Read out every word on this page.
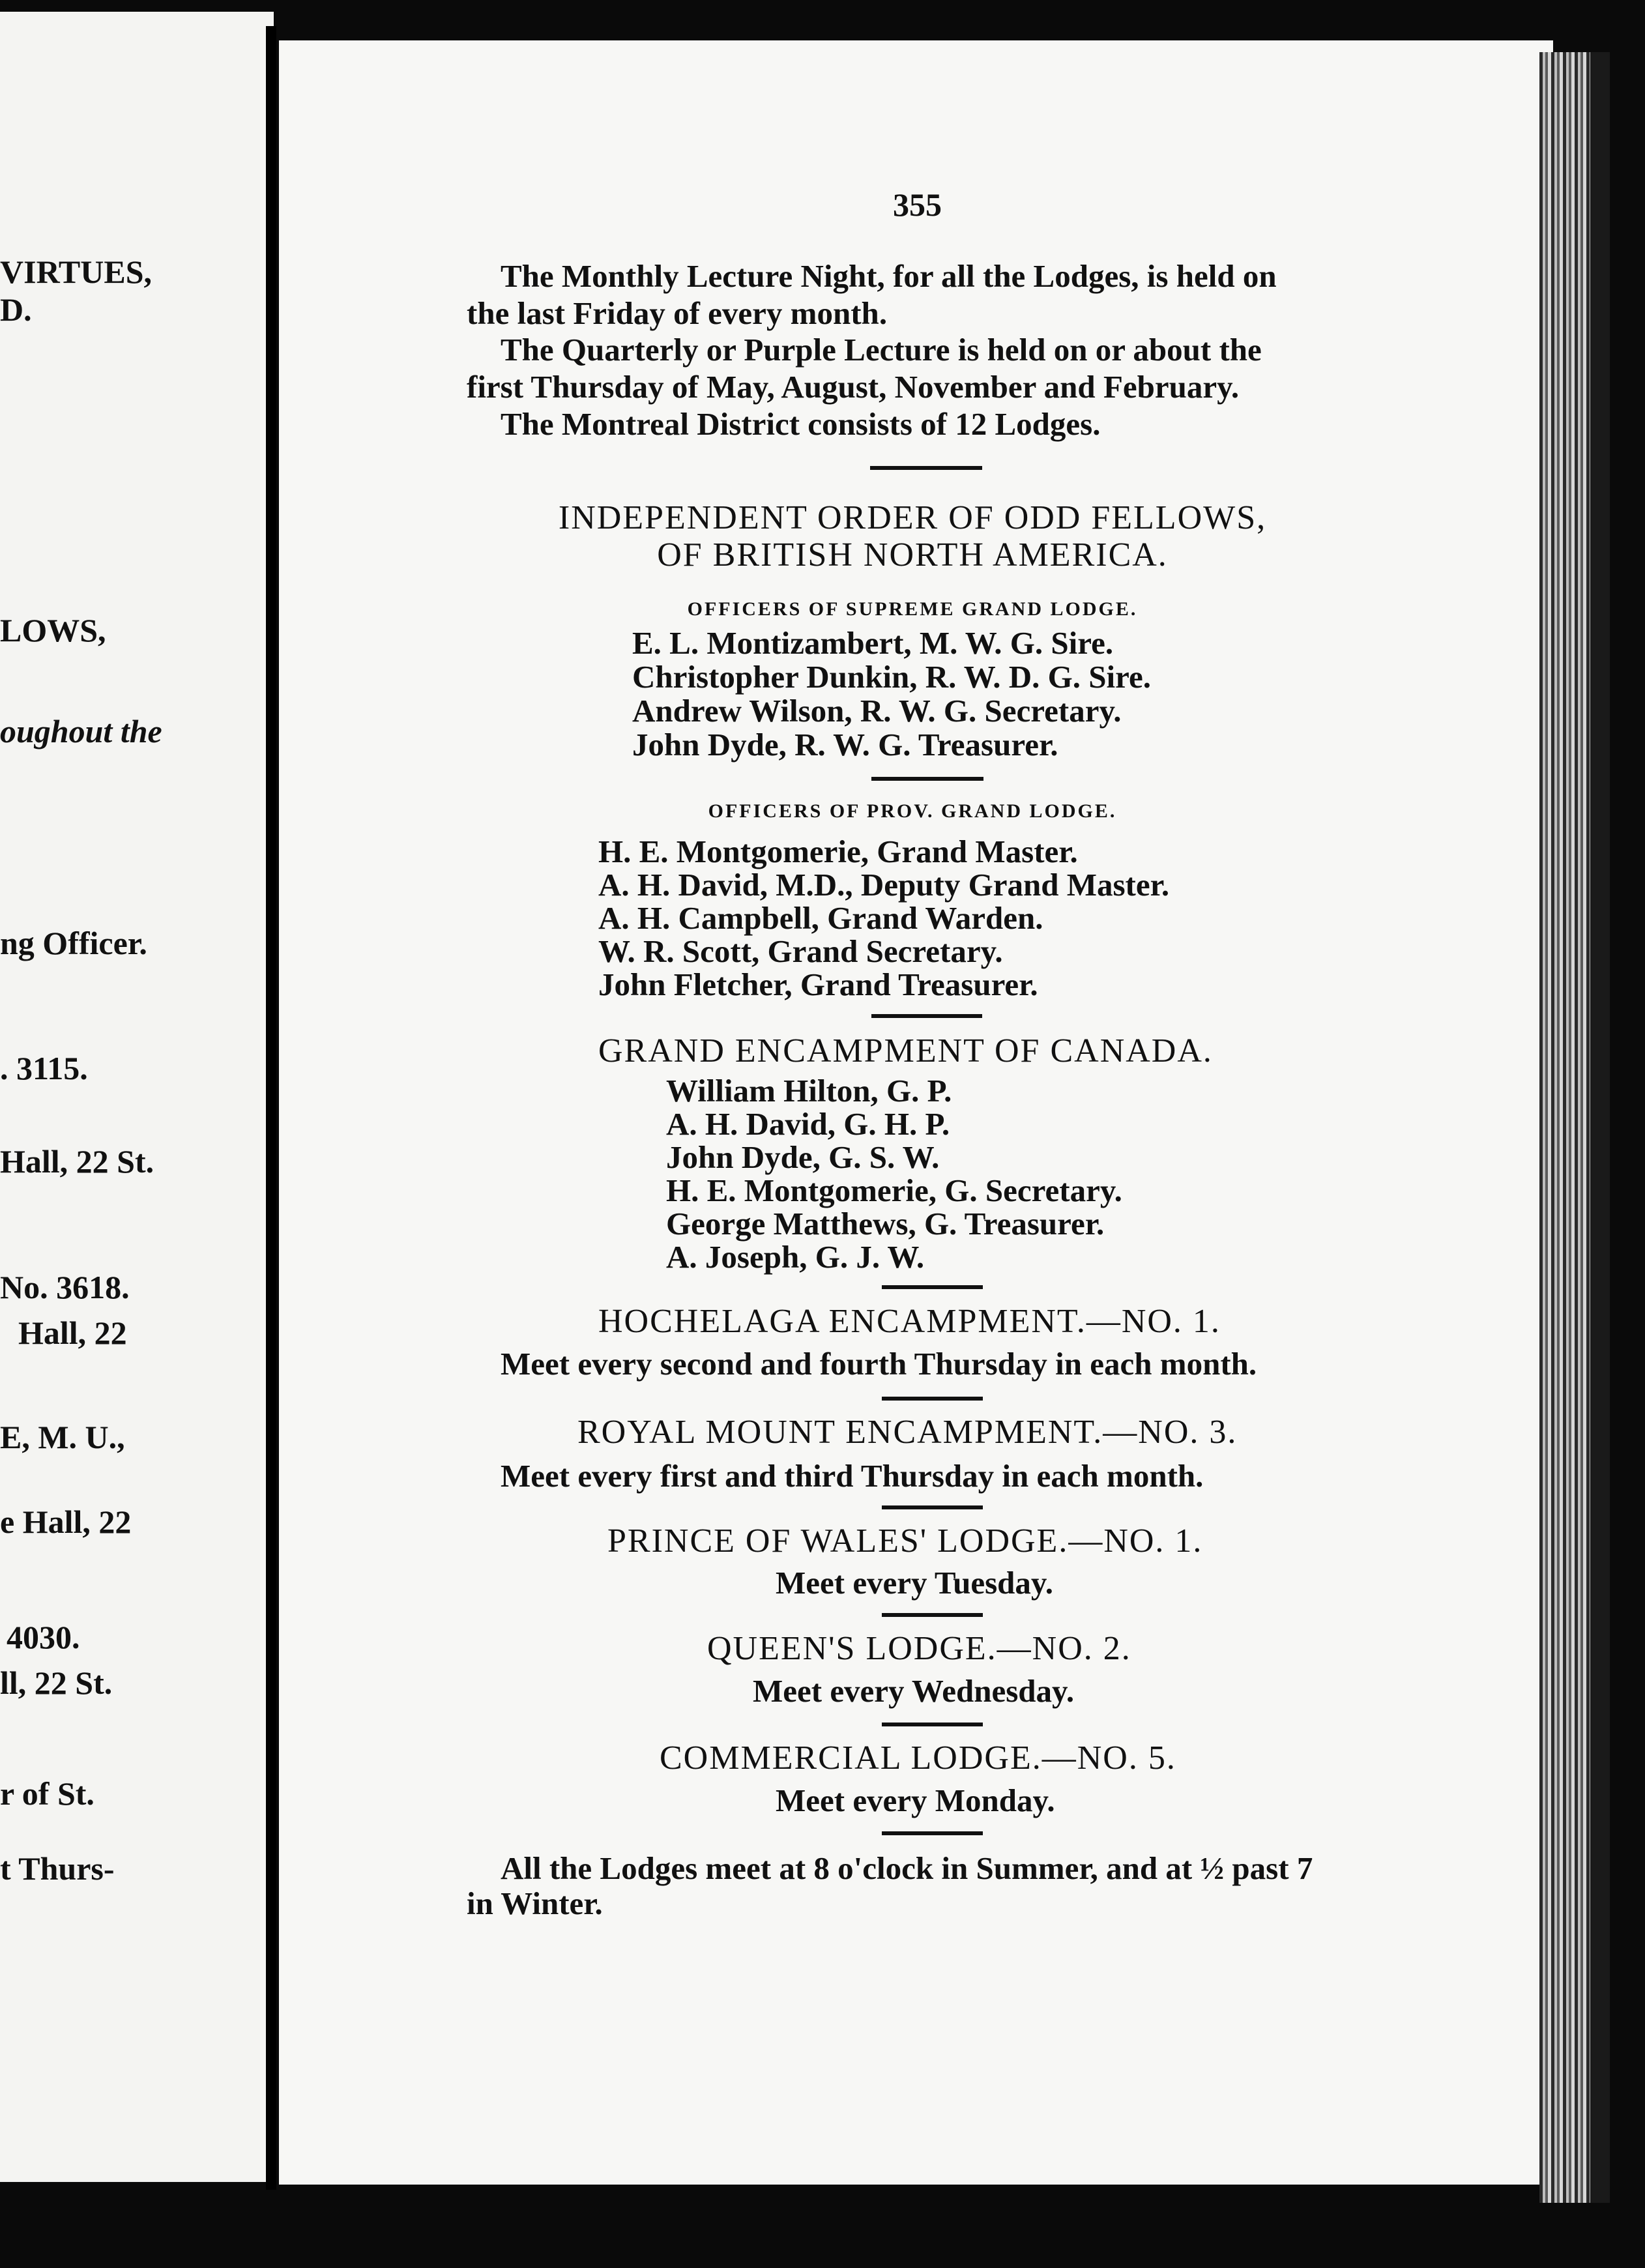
VIRTUES,
D.
LOWS,
oughout the
ng Officer.
. 3115.
Hall, 22 St.
No. 3618.
Hall, 22
E, M. U.,
e Hall, 22
4030.
ll, 22 St.
r of St.
t Thurs-
355
The Monthly Lecture Night, for all the Lodges, is held on
the last Friday of every month.
The Quarterly or Purple Lecture is held on or about the
first Thursday of May, August, November and February.
The Montreal District consists of 12 Lodges.
INDEPENDENT ORDER OF ODD FELLOWS,
OF BRITISH NORTH AMERICA.
OFFICERS OF SUPREME GRAND LODGE.
E. L. Montizambert, M. W. G. Sire.
Christopher Dunkin, R. W. D. G. Sire.
Andrew Wilson, R. W. G. Secretary.
John Dyde, R. W. G. Treasurer.
OFFICERS OF PROV. GRAND LODGE.
H. E. Montgomerie, Grand Master.
A. H. David, M.D., Deputy Grand Master.
A. H. Campbell, Grand Warden.
W. R. Scott, Grand Secretary.
John Fletcher, Grand Treasurer.
GRAND ENCAMPMENT OF CANADA.
William Hilton, G. P.
A. H. David, G. H. P.
John Dyde, G. S. W.
H. E. Montgomerie, G. Secretary.
George Matthews, G. Treasurer.
A. Joseph, G. J. W.
HOCHELAGA ENCAMPMENT.—NO. 1.
Meet every second and fourth Thursday in each month.
ROYAL MOUNT ENCAMPMENT.—NO. 3.
Meet every first and third Thursday in each month.
PRINCE OF WALES' LODGE.—NO. 1.
Meet every Tuesday.
QUEEN'S LODGE.—NO. 2.
Meet every Wednesday.
COMMERCIAL LODGE.—NO. 5.
Meet every Monday.
All the Lodges meet at 8 o'clock in Summer, and at ½ past 7
in Winter.
